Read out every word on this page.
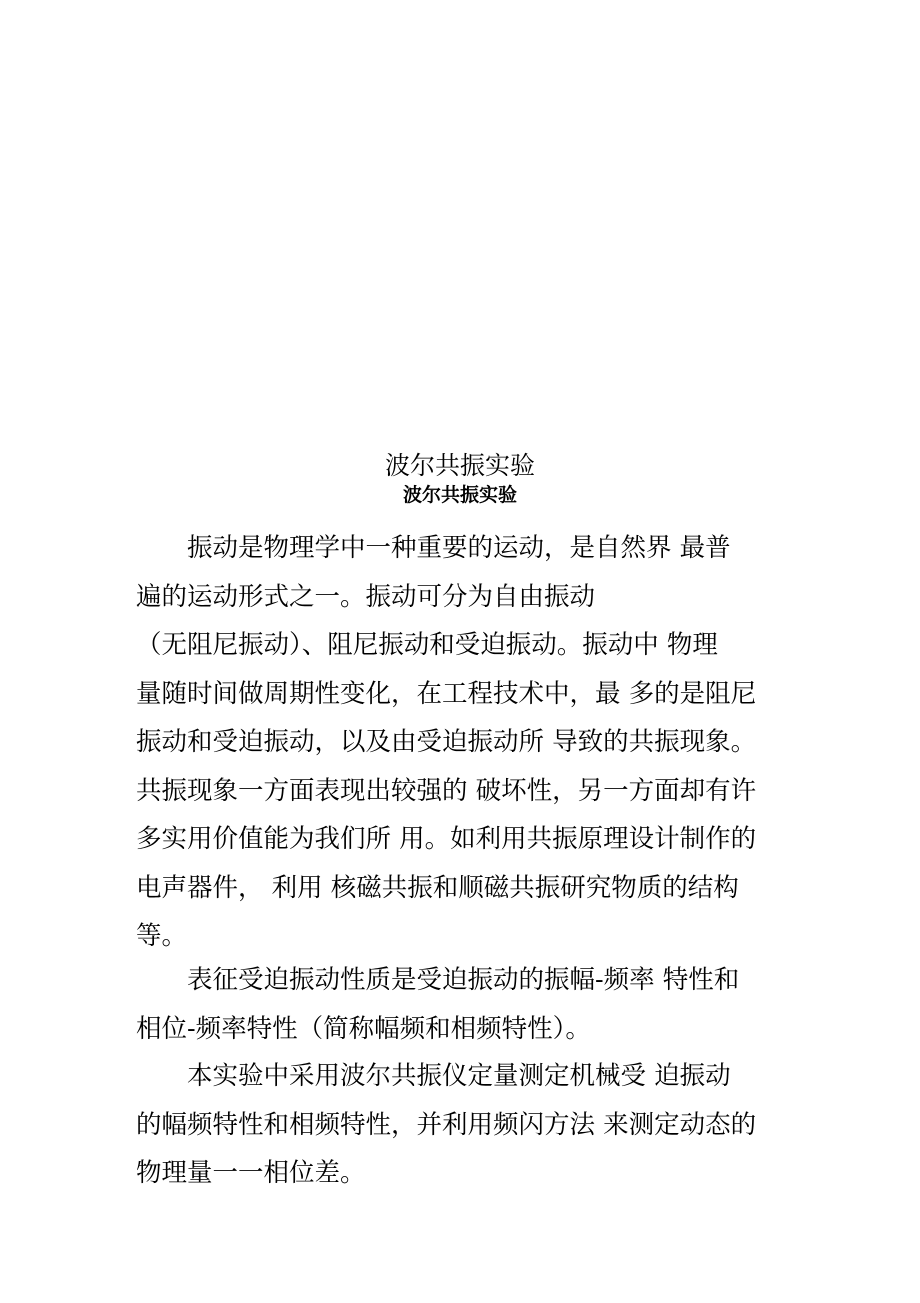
波尔共振实验
波尔共振实验
　　振动是物理学中一种重要的运动，是自然界 最普
遍的运动形式之一。振动可分为自由振动
（无阻尼振动）、阻尼振动和受迫振动。振动中 物理
量随时间做周期性变化，在工程技术中，最 多的是阻尼
振动和受迫振动，以及由受迫振动所 导致的共振现象。
共振现象一方面表现出较强的 破坏性，另一方面却有许
多实用价值能为我们所 用。如利用共振原理设计制作的
电声器件， 利用 核磁共振和顺磁共振研究物质的结构
等。
　　表征受迫振动性质是受迫振动的振幅-频率 特性和
相位-频率特性（简称幅频和相频特性）。
　　本实验中采用波尔共振仪定量测定机械受 迫振动
的幅频特性和相频特性，并利用频闪方法 来测定动态的
物理量一一相位差。
